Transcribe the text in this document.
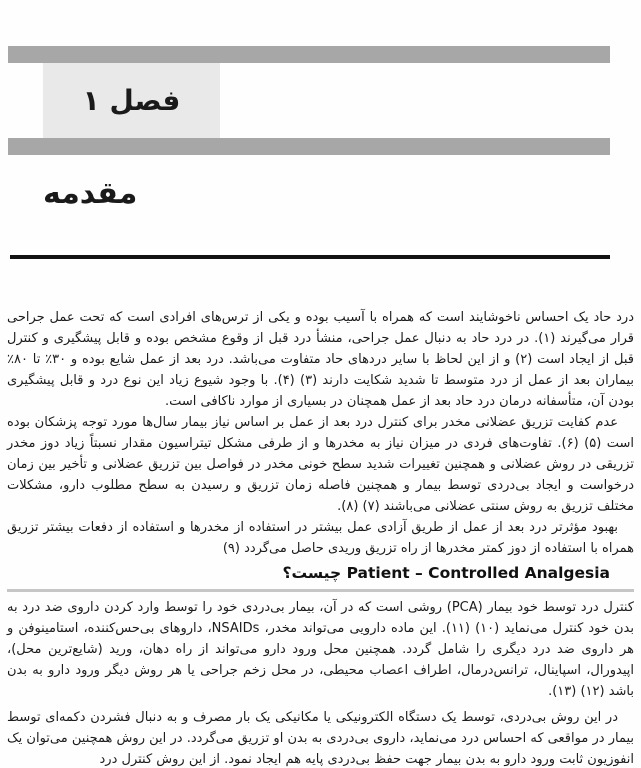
فصل ۱
مقدمه

درد حاد یک احساس ناخوشایند است که همراه با آسیب بوده و یکی از ترس‌های افرادی است که تحت عمل جراحی قرار می‌گیرند (۱). در درد حاد به دنبال عمل جراحی، منشأ درد قبل از وقوع مشخص بوده و قابل پیشگیری و کنترل قبل از ایجاد است (۲) و از این لحاظ با سایر دردهای حاد متفاوت می‌باشد. درد بعد از عمل شایع بوده و ۳۰٪ تا ۸۰٪ بیماران بعد از عمل از درد متوسط تا شدید شکایت دارند (۳) (۴). با وجود شیوع زیاد این نوع درد و قابل پیشگیری بودن آن، متأسفانه درمان درد حاد بعد از عمل همچنان در بسیاری از موارد ناکافی است.

عدم کفایت تزریق عضلانی مخدر برای کنترل درد بعد از عمل بر اساس نیاز بیمار سال‌ها مورد توجه پزشکان بوده است (۵) (۶). تفاوت‌های فردی در میزان نیاز به مخدرها و از طرفی مشکل تیتراسیون مقدار نسبتاً زیاد دوز مخدر تزریقی در روش عضلانی و همچنین تغییرات شدید سطح خونی مخدر در فواصل بین تزریق عضلانی و تأخیر بین زمان درخواست و ایجاد بی‌دردی توسط بیمار و همچنین فاصله زمان تزریق و رسیدن به سطح مطلوب دارو، مشکلات مختلف تزریق به روش سنتی عضلانی می‌باشند (۷) (۸).

بهبود مؤثرتر درد بعد از عمل از طریق آزادی عمل بیشتر در استفاده از مخدرها و استفاده از دفعات بیشتر تزریق همراه با استفاده از دوز کمتر مخدرها از راه تزریق وریدی حاصل می‌گردد (۹)

Patient – Controlled Analgesia چیست؟

کنترل درد توسط خود بیمار (PCA) روشی است که در آن، بیمار بی‌دردی خود را توسط وارد کردن داروی ضد درد به بدن خود کنترل می‌نماید (۱۰) (۱۱). این ماده دارویی می‌تواند مخدر، NSAIDs، داروهای بی‌حس‌کننده، استامینوفن و هر داروی ضد درد دیگری را شامل گردد. همچنین محل ورود دارو می‌تواند از راه دهان، ورید (شایع‌ترین محل)، اپیدورال، اسپاینال، ترانس‌درمال، اطراف اعصاب محیطی، در محل زخم جراحی یا هر روش دیگر ورود دارو به بدن باشد (۱۲) (۱۳).

در این روش بی‌دردی، توسط یک دستگاه الکترونیکی یا مکانیکی یک بار مصرف و به دنبال فشردن دکمه‌ای توسط بیمار در مواقعی که احساس درد می‌نماید، داروی بی‌دردی به بدن او تزریق می‌گردد. در این روش همچنین می‌توان یک انفوزیون ثابت ورود دارو به بدن بیمار جهت حفظ بی‌دردی پایه هم ایجاد نمود. از این روش کنترل درد
